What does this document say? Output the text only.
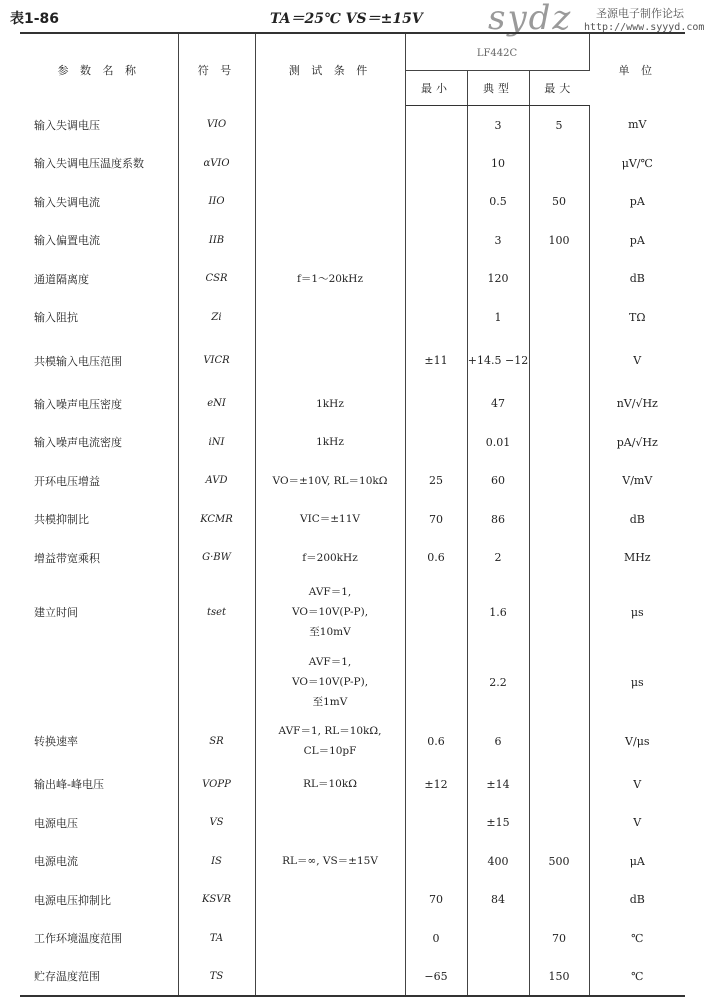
表1-86	TA＝25℃ VS＝±15V sydz 圣源电子制作论坛
http://www.syyyd.com
参 数 名 称	符 号	测 试 条 件	LF442C			单 位
			最小	典型	最大	
输入失调电压	VIO			3	5	mV
输入失调电压温度系数	αVIO			10		μV/℃
输入失调电流	IIO			0.5	50	pA
输入偏置电流	IIB			3	100	pA
通道隔离度	CSR	f＝1～20kHz		120		dB
输入阻抗	Zi			1		TΩ
共模输入电压范围	VICR		±11	+14.5 −12		V
输入噪声电压密度	eNI	1kHz		47		nV/√Hz
输入噪声电流密度	iNI	1kHz		0.01		pA/√Hz
开环电压增益	AVD	VO＝±10V, RL＝10kΩ	25	60		V/mV
共模抑制比	KCMR	VIC＝±11V	70	86		dB
增益带宽乘积	G·BW	f＝200kHz	0.6	2		MHz
建立时间	tset	AVF＝1,
VO＝10V(P-P),
至10mV		1.6		μs

		AVF＝1,
VO＝10V(P-P),
至1mV		2.2		μs
转换速率	SR	AVF＝1, RL＝10kΩ,
CL＝10pF	0.6	6		V/μs
输出峰-峰电压	VOPP	RL＝10kΩ	±12	±14		V
电源电压	VS			±15		V
电源电流	IS	RL＝∞, VS＝±15V		400	500	μA
电源电压抑制比	KSVR		70	84		dB
工作环境温度范围	TA		0		70	℃
贮存温度范围	TS		−65		150	℃
